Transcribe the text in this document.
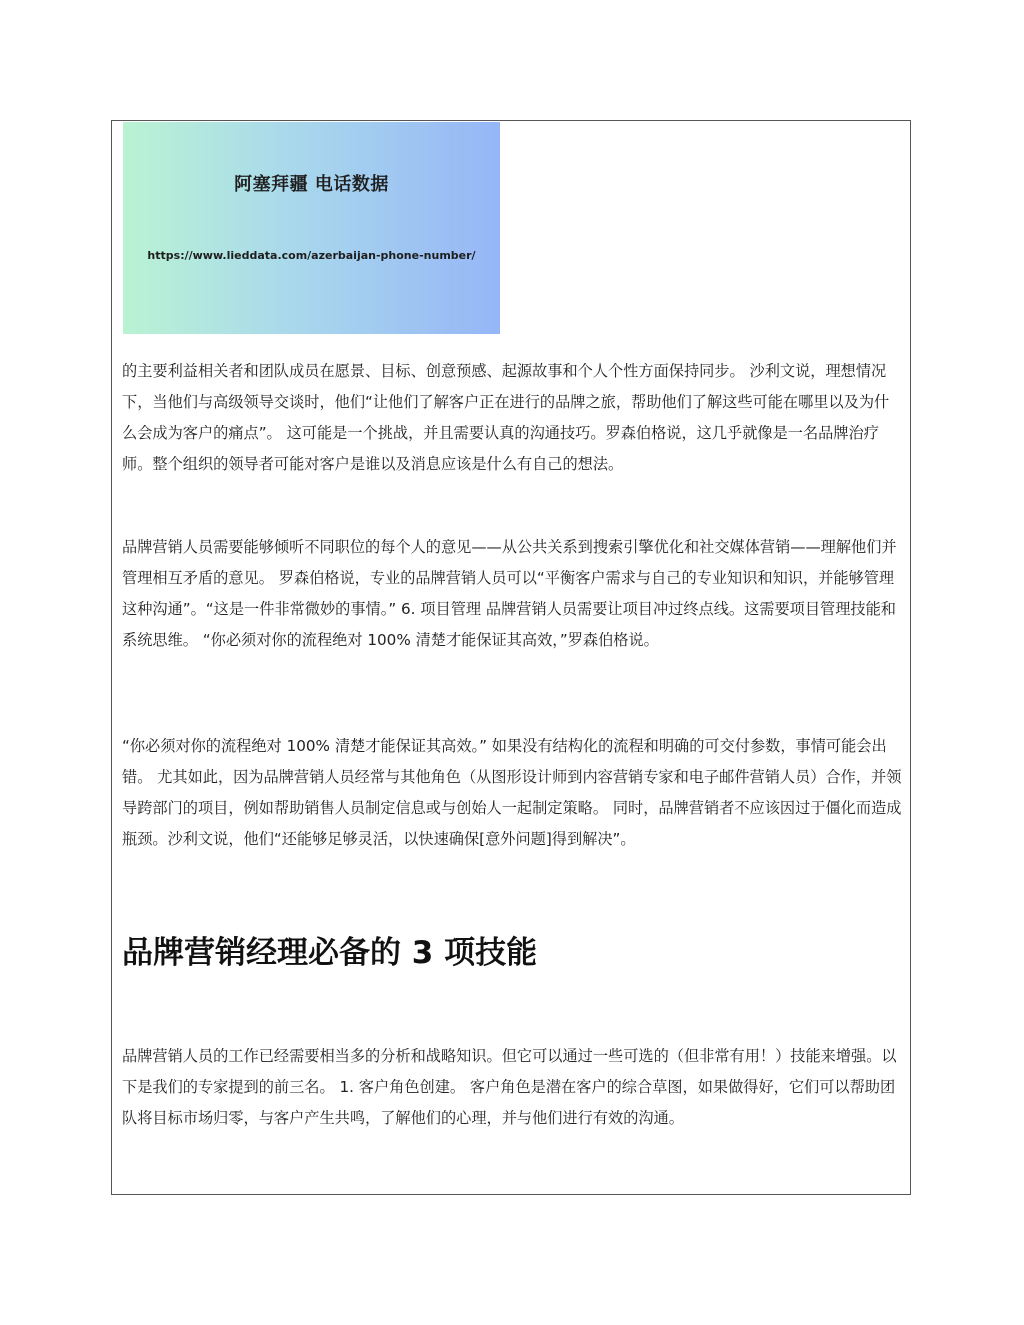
阿塞拜疆 电话数据
https://www.lieddata.com/azerbaijan-phone-number/

的主要利益相关者和团队成员在愿景、目标、创意预感、起源故事和个人个性方面保持同步。 沙利文说，理想情况下，当他们与高级领导交谈时，他们“让他们了解客户正在进行的品牌之旅，帮助他们了解这些可能在哪里以及为什么会成为客户的痛点”。 这可能是一个挑战，并且需要认真的沟通技巧。罗森伯格说，这几乎就像是一名品牌治疗师。整个组织的领导者可能对客户是谁以及消息应该是什么有自己的想法。

品牌营销人员需要能够倾听不同职位的每个人的意见——从公共关系到搜索引擎优化和社交媒体营销——理解他们并管理相互矛盾的意见。 罗森伯格说，专业的品牌营销人员可以“平衡客户需求与自己的专业知识和知识，并能够管理这种沟通”。“这是一件非常微妙的事情。” 6. 项目管理 品牌营销人员需要让项目冲过终点线。这需要项目管理技能和系统思维。 “你必须对你的流程绝对 100% 清楚才能保证其高效，”罗森伯格说。

“你必须对你的流程绝对 100% 清楚才能保证其高效。” 如果没有结构化的流程和明确的可交付参数，事情可能会出错。 尤其如此，因为品牌营销人员经常与其他角色（从图形设计师到内容营销专家和电子邮件营销人员）合作，并领导跨部门的项目，例如帮助销售人员制定信息或与创始人一起制定策略。 同时，品牌营销者不应该因过于僵化而造成瓶颈。沙利文说，他们“还能够足够灵活，以快速确保[意外问题]得到解决”。

品牌营销经理必备的 3 项技能

品牌营销人员的工作已经需要相当多的分析和战略知识。但它可以通过一些可选的（但非常有用！）技能来增强。以下是我们的专家提到的前三名。 1. 客户角色创建。 客户角色是潜在客户的综合草图，如果做得好，它们可以帮助团队将目标市场归零，与客户产生共鸣，了解他们的心理，并与他们进行有效的沟通。
